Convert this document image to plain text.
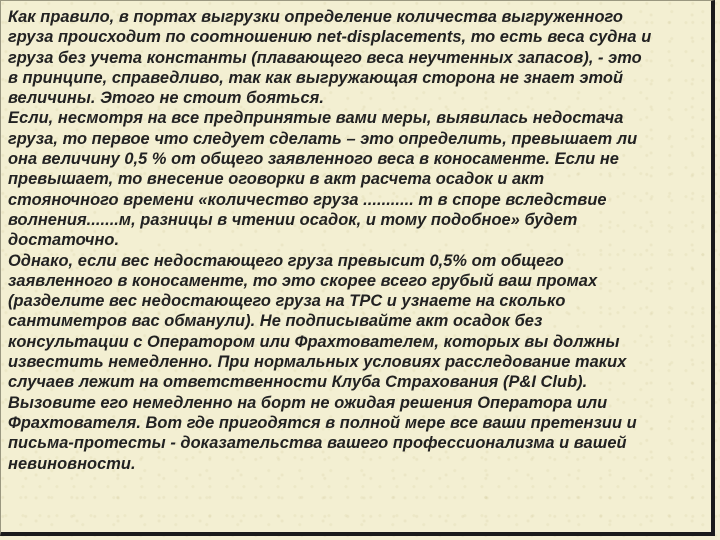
Как правило, в портах выгрузки определение количества выгруженного
груза происходит по соотношению net-displacements, то есть веса судна и
груза без учета константы (плавающего веса неучтенных запасов), - это
в принципе, справедливо, так как выгружающая сторона не знает этой
величины. Этого не стоит бояться.
Если, несмотря на все предпринятые вами меры, выявилась недостача
груза, то первое что следует сделать – это определить, превышает ли
она величину 0,5 % от общего заявленного веса в коносаменте. Если не
превышает, то внесение оговорки в акт расчета осадок и акт
стояночного времени «количество груза ........... т в споре вследствие
волнения.......м, разницы в чтении осадок, и тому подобное» будет
достаточно.
Однако, если вес недостающего груза превысит 0,5% от общего
заявленного в коносаменте, то это скорее всего грубый ваш промах
(разделите вес недостающего груза на TPC и узнаете на сколько
сантиметров вас обманули). Не подписывайте акт осадок без
консультации с Оператором или Фрахтователем, которых вы должны
известить немедленно. При нормальных условиях расследование таких
случаев лежит на ответственности Клуба Страхования (P&I Club).
Вызовите его немедленно на борт не ожидая решения Оператора или
Фрахтователя. Вот где пригодятся в полной мере все ваши претензии и
письма-протесты - доказательства вашего профессионализма и вашей
невиновности.
